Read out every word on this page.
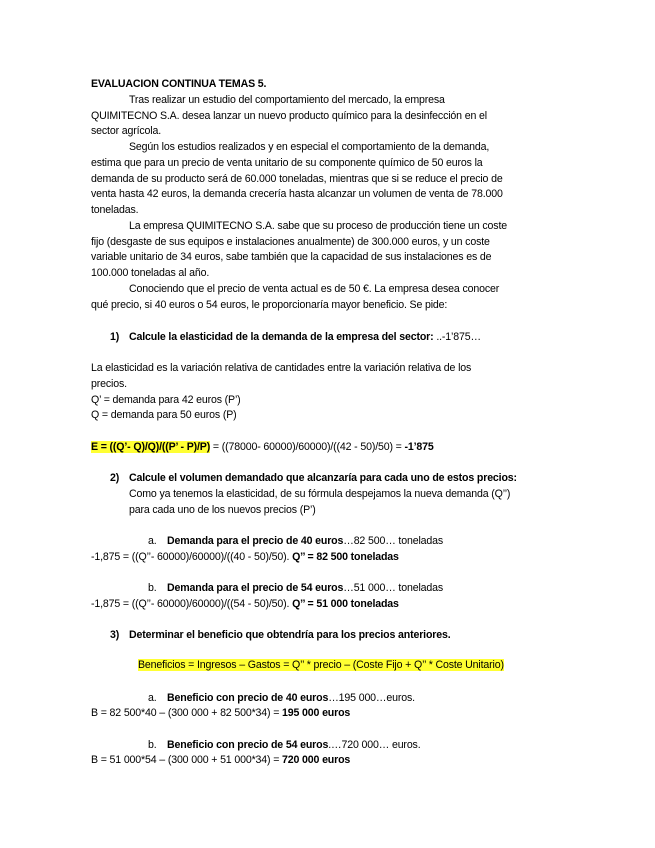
EVALUACION CONTINUA TEMAS 5.
Tras realizar un estudio del comportamiento del mercado, la empresa
QUIMITECNO S.A. desea lanzar un nuevo producto químico para la desinfección en el
sector agrícola.
Según los estudios realizados y en especial el comportamiento de la demanda,
estima que para un precio de venta unitario de su componente químico de 50 euros la
demanda de su producto será de 60.000 toneladas, mientras que si se reduce el precio de
venta hasta 42 euros, la demanda crecería hasta alcanzar un volumen de venta de 78.000
toneladas.
La empresa QUIMITECNO S.A. sabe que su proceso de producción tiene un coste
fijo (desgaste de sus equipos e instalaciones anualmente) de 300.000 euros, y un coste
variable unitario de 34 euros, sabe también que la capacidad de sus instalaciones es de
100.000 toneladas al año.
Conociendo que el precio de venta actual es de 50 €. La empresa desea conocer
qué precio, si 40 euros o 54 euros, le proporcionaría mayor beneficio. Se pide:
1) Calcule la elasticidad de la demanda de la empresa del sector: ..-1’875…
La elasticidad es la variación relativa de cantidades entre la variación relativa de los
precios.
Q’ = demanda para 42 euros (P’)
Q = demanda para 50 euros (P)
E = ((Q’- Q)/Q)/((P’ - P)/P) = ((78000- 60000)/60000)/((42 - 50)/50) = -1’875
2) Calcule el volumen demandado que alcanzaría para cada uno de estos precios:
Como ya tenemos la elasticidad, de su fórmula despejamos la nueva demanda (Q’’)
para cada uno de los nuevos precios (P’)
a. Demanda para el precio de 40 euros…82 500… toneladas
-1,875 = ((Q’’- 60000)/60000)/((40 - 50)/50). Q’’ = 82 500 toneladas
b. Demanda para el precio de 54 euros…51 000… toneladas
-1,875 = ((Q’’- 60000)/60000)/((54 - 50)/50). Q’’ = 51 000 toneladas
3) Determinar el beneficio que obtendría para los precios anteriores.
Beneficios = Ingresos – Gastos = Q’’ * precio – (Coste Fijo + Q’’ * Coste Unitario)
a. Beneficio con precio de 40 euros…195 000…euros.
B = 82 500*40 – (300 000 + 82 500*34) = 195 000 euros
b. Beneficio con precio de 54 euros.…720 000… euros.
B = 51 000*54 – (300 000 + 51 000*34) = 720 000 euros
